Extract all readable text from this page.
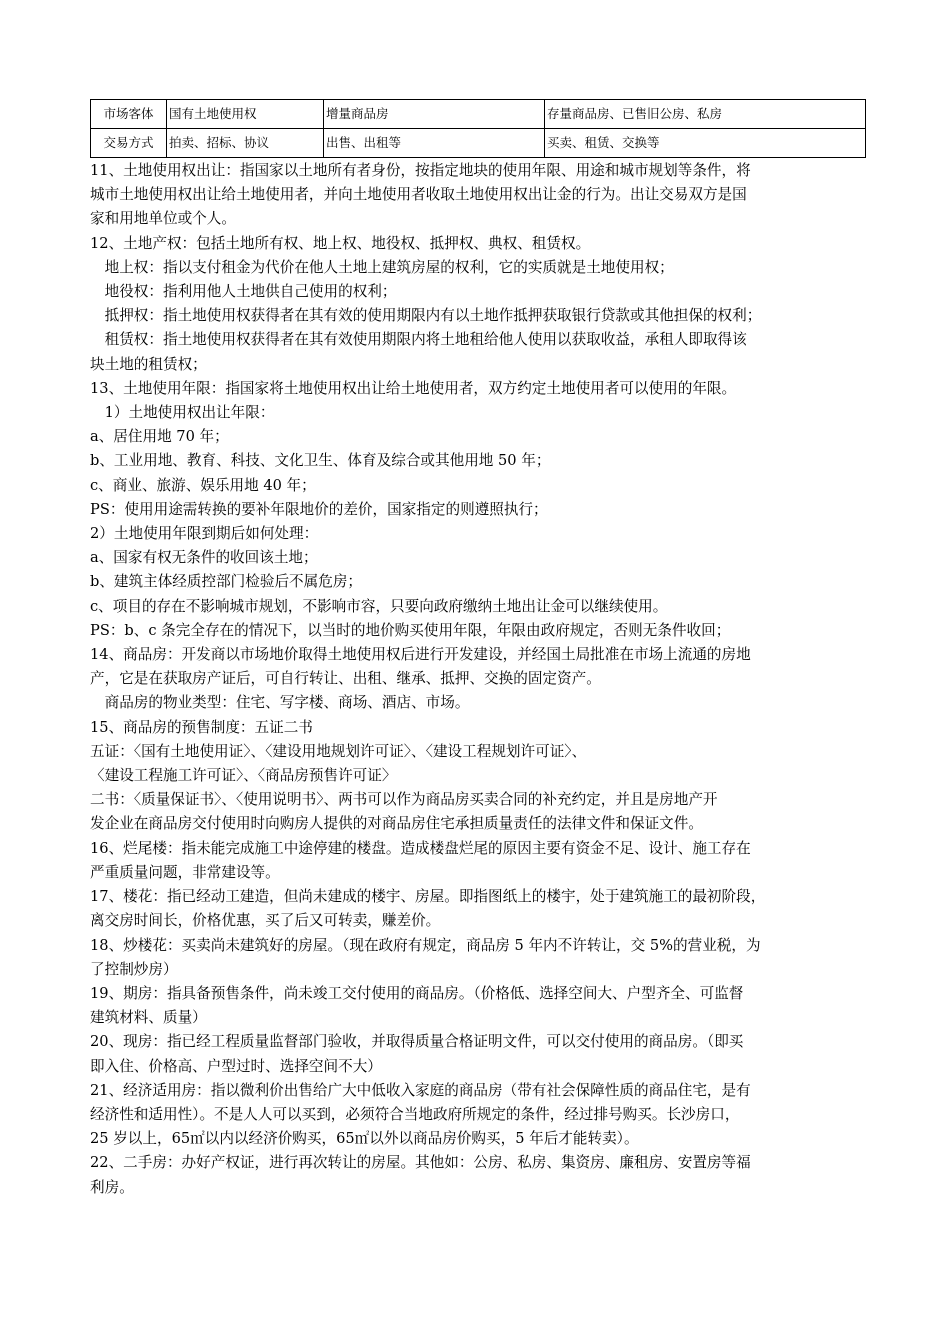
市场客体	国有土地使用权	增量商品房	存量商品房、已售旧公房、私房
交易方式	拍卖、招标、协议	出售、出租等	买卖、租赁、交换等

11、土地使用权出让：指国家以土地所有者身份，按指定地块的使用年限、用途和城市规划等条件，将

城市土地使用权出让给土地使用者，并向土地使用者收取土地使用权出让金的行为。出让交易双方是国

家和用地单位或个人。

12、土地产权：包括土地所有权、地上权、地役权、抵押权、典权、租赁权。

　地上权：指以支付租金为代价在他人土地上建筑房屋的权利，它的实质就是土地使用权；

　地役权：指利用他人土地供自己使用的权利；

　抵押权：指土地使用权获得者在其有效的使用期限内有以土地作抵押获取银行贷款或其他担保的权利；

　租赁权：指土地使用权获得者在其有效使用期限内将土地租给他人使用以获取收益，承租人即取得该

块土地的租赁权；

13、土地使用年限：指国家将土地使用权出让给土地使用者，双方约定土地使用者可以使用的年限。

　1）土地使用权出让年限：

a、居住用地 70 年；

b、工业用地、教育、科技、文化卫生、体育及综合或其他用地 50 年；

c、商业、旅游、娱乐用地 40 年；

PS：使用用途需转换的要补年限地价的差价，国家指定的则遵照执行；

2）土地使用年限到期后如何处理：

a、国家有权无条件的收回该土地；

b、建筑主体经质控部门检验后不属危房；

c、项目的存在不影响城市规划，不影响市容，只要向政府缴纳土地出让金可以继续使用。

PS：b、c 条完全存在的情况下，以当时的地价购买使用年限，年限由政府规定，否则无条件收回；

14、商品房：开发商以市场地价取得土地使用权后进行开发建设，并经国土局批准在市场上流通的房地

产，它是在获取房产证后，可自行转让、出租、继承、抵押、交换的固定资产。

　商品房的物业类型：住宅、写字楼、商场、酒店、市场。

15、商品房的预售制度：五证二书

五证：〈国有土地使用证〉、〈建设用地规划许可证〉、〈建设工程规划许可证〉、

〈建设工程施工许可证〉、〈商品房预售许可证〉

二书：〈质量保证书〉、〈使用说明书〉、两书可以作为商品房买卖合同的补充约定，并且是房地产开

发企业在商品房交付使用时向购房人提供的对商品房住宅承担质量责任的法律文件和保证文件。

16、烂尾楼：指未能完成施工中途停建的楼盘。造成楼盘烂尾的原因主要有资金不足、设计、施工存在

严重质量问题，非常建设等。

17、楼花：指已经动工建造，但尚未建成的楼宇、房屋。即指图纸上的楼宇，处于建筑施工的最初阶段，

离交房时间长，价格优惠，买了后又可转卖，赚差价。

18、炒楼花：买卖尚未建筑好的房屋。（现在政府有规定，商品房 5 年内不许转让，交 5%的营业税，为

了控制炒房）

19、期房：指具备预售条件，尚未竣工交付使用的商品房。（价格低、选择空间大、户型齐全、可监督

建筑材料、质量）

20、现房：指已经工程质量监督部门验收，并取得质量合格证明文件，可以交付使用的商品房。（即买

即入住、价格高、户型过时、选择空间不大）

21、经济适用房：指以微利价出售给广大中低收入家庭的商品房（带有社会保障性质的商品住宅，是有

经济性和适用性）。不是人人可以买到，必须符合当地政府所规定的条件，经过排号购买。长沙房口，

25 岁以上，65㎡以内以经济价购买，65㎡以外以商品房价购买，5 年后才能转卖）。

22、二手房：办好产权证，进行再次转让的房屋。其他如：公房、私房、集资房、廉租房、安置房等福

利房。
